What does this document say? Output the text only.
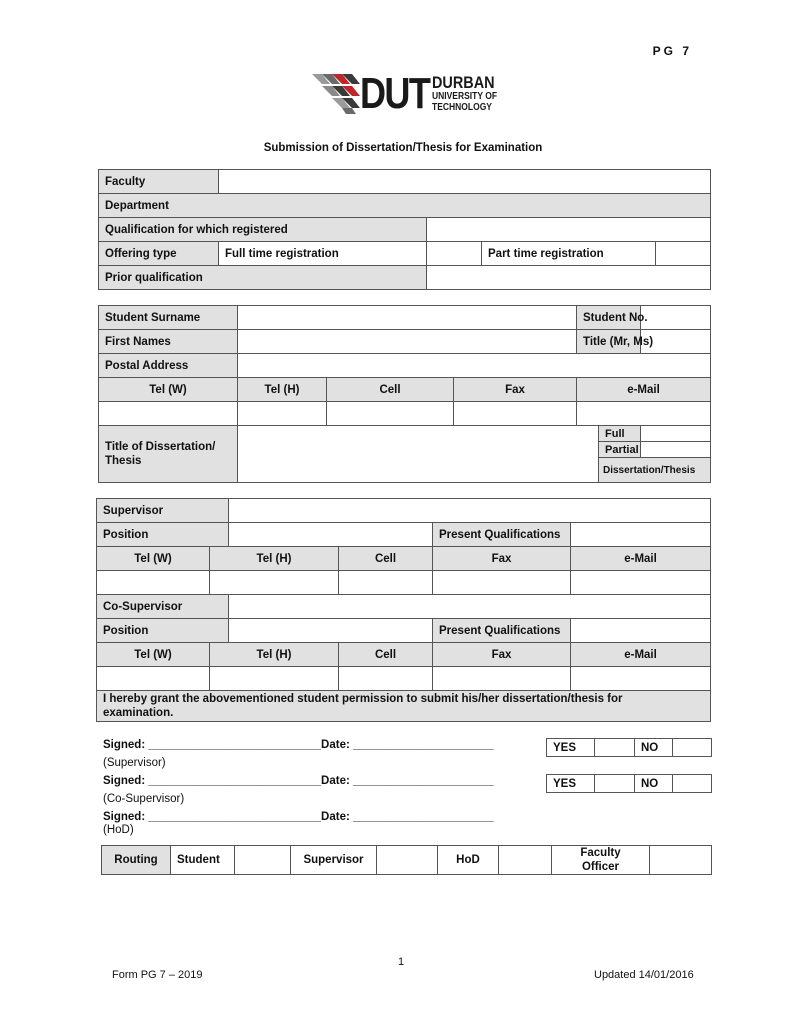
PG 7
DUT DURBAN
UNIVERSITY OF
TECHNOLOGY
Submission of Dissertation/Thesis for Examination
Faculty				
Department				
Qualification for which registered				
Offering type	Full time registration		Part time registration	
Prior qualification				
Student Surname				Student No.		
First Names				Title (Mr, Ms)		
Postal Address						
Tel (W)	Tel (H)	Cell	Fax	e-Mail		

Title of Dissertation/
Thesis					Full	
					Partial	
					Dissertation/Thesis	
Supervisor					
Position				Present Qualifications	
Tel (W)	Tel (H)		Cell	Fax	e-Mail

Co-Supervisor					
Position				Present Qualifications	
Tel (W)	Tel (H)		Cell	Fax	e-Mail

I hereby grant the abovementioned student permission to submit his/her dissertation/thesis for
examination.					
Signed: ___________________________Date: ______________________
(Supervisor)
Signed: ___________________________Date: ______________________
(Co-Supervisor)
Signed: ___________________________Date: ______________________
(HoD)
YES		NO	
YES		NO	
Routing	Student		Supervisor		HoD		Faculty
Officer	
1
Form PG 7 – 2019	Updated 14/01/2016
